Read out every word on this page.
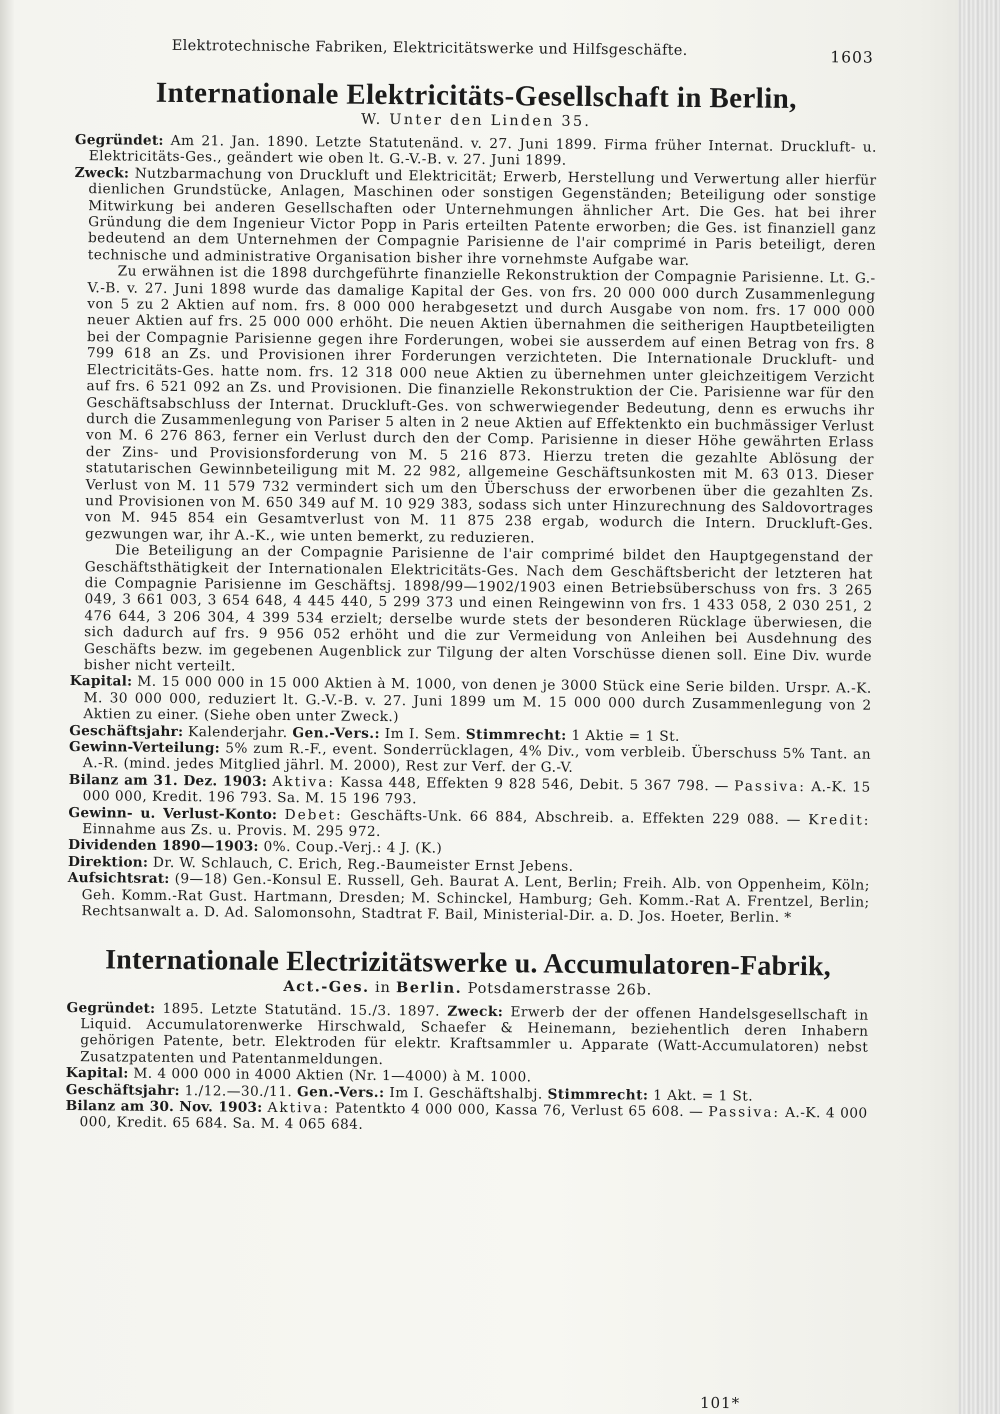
Elektrotechnische Fabriken, Elektricitätswerke und Hilfsgeschäfte.	1603
Internationale Elektricitäts-Gesellschaft in Berlin,
W. Unter den Linden 35.

Gegründet: Am 21. Jan. 1890. Letzte Statutenänd. v. 27. Juni 1899. Firma früher Internat. Druckluft- u. Elektricitäts-Ges., geändert wie oben lt. G.-V.-B. v. 27. Juni 1899.

Zweck: Nutzbarmachung von Druckluft und Elektricität; Erwerb, Herstellung und Verwertung aller hierfür dienlichen Grundstücke, Anlagen, Maschinen oder sonstigen Gegenständen; Beteiligung oder sonstige Mitwirkung bei anderen Gesellschaften oder Unternehmungen ähnlicher Art. Die Ges. hat bei ihrer Gründung die dem Ingenieur Victor Popp in Paris erteilten Patente erworben; die Ges. ist finanziell ganz bedeutend an dem Unternehmen der Compagnie Parisienne de l'air comprimé in Paris beteiligt, deren technische und administrative Organisation bisher ihre vornehmste Aufgabe war.

Zu erwähnen ist die 1898 durchgeführte finanzielle Rekonstruktion der Compagnie Parisienne. Lt. G.-V.-B. v. 27. Juni 1898 wurde das damalige Kapital der Ges. von frs. 20 000 000 durch Zusammenlegung von 5 zu 2 Aktien auf nom. frs. 8 000 000 herabgesetzt und durch Ausgabe von nom. frs. 17 000 000 neuer Aktien auf frs. 25 000 000 erhöht. Die neuen Aktien übernahmen die seitherigen Hauptbeteiligten bei der Compagnie Parisienne gegen ihre Forderungen, wobei sie ausserdem auf einen Betrag von frs. 8 799 618 an Zs. und Provisionen ihrer Forderungen verzichteten. Die Internationale Druckluft- und Electricitäts-Ges. hatte nom. frs. 12 318 000 neue Aktien zu übernehmen unter gleichzeitigem Verzicht auf frs. 6 521 092 an Zs. und Provisionen. Die finanzielle Rekonstruktion der Cie. Parisienne war für den Geschäftsabschluss der Internat. Druckluft-Ges. von schwerwiegender Bedeutung, denn es erwuchs ihr durch die Zusammenlegung von Pariser 5 alten in 2 neue Aktien auf Effektenkto ein buchmässiger Verlust von M. 6 276 863, ferner ein Verlust durch den der Comp. Parisienne in dieser Höhe gewährten Erlass der Zins- und Provisionsforderung von M. 5 216 873. Hierzu treten die gezahlte Ablösung der statutarischen Gewinnbeteiligung mit M. 22 982, allgemeine Geschäftsunkosten mit M. 63 013. Dieser Verlust von M. 11 579 732 vermindert sich um den Überschuss der erworbenen über die gezahlten Zs. und Provisionen von M. 650 349 auf M. 10 929 383, sodass sich unter Hinzurechnung des Saldovortrages von M. 945 854 ein Gesamtverlust von M. 11 875 238 ergab, wodurch die Intern. Druckluft-Ges. gezwungen war, ihr A.-K., wie unten bemerkt, zu reduzieren.

Die Beteiligung an der Compagnie Parisienne de l'air comprimé bildet den Hauptgegenstand der Geschäftsthätigkeit der Internationalen Elektricitäts-Ges. Nach dem Geschäftsbericht der letzteren hat die Compagnie Parisienne im Geschäftsj. 1898/99—1902/1903 einen Betriebsüberschuss von frs. 3 265 049, 3 661 003, 3 654 648, 4 445 440, 5 299 373 und einen Reingewinn von frs. 1 433 058, 2 030 251, 2 476 644, 3 206 304, 4 399 534 erzielt; derselbe wurde stets der besonderen Rücklage überwiesen, die sich dadurch auf frs. 9 956 052 erhöht und die zur Vermeidung von Anleihen bei Ausdehnung des Geschäfts bezw. im gegebenen Augenblick zur Tilgung der alten Vorschüsse dienen soll. Eine Div. wurde bisher nicht verteilt.

Kapital: M. 15 000 000 in 15 000 Aktien à M. 1000, von denen je 3000 Stück eine Serie bilden. Urspr. A.-K. M. 30 000 000, reduziert lt. G.-V.-B. v. 27. Juni 1899 um M. 15 000 000 durch Zusammenlegung von 2 Aktien zu einer. (Siehe oben unter Zweck.)

Geschäftsjahr: Kalenderjahr. Gen.-Vers.: Im I. Sem. Stimmrecht: 1 Aktie = 1 St.

Gewinn-Verteilung: 5% zum R.-F., event. Sonderrücklagen, 4% Div., vom verbleib. Überschuss 5% Tant. an A.-R. (mind. jedes Mitglied jährl. M. 2000), Rest zur Verf. der G.-V.

Bilanz am 31. Dez. 1903: Aktiva: Kassa 448, Effekten 9 828 546, Debit. 5 367 798. — Passiva: A.-K. 15 000 000, Kredit. 196 793. Sa. M. 15 196 793.

Gewinn- u. Verlust-Konto: Debet: Geschäfts-Unk. 66 884, Abschreib. a. Effekten 229 088. — Kredit: Einnahme aus Zs. u. Provis. M. 295 972.

Dividenden 1890—1903: 0%. Coup.-Verj.: 4 J. (K.)

Direktion: Dr. W. Schlauch, C. Erich, Reg.-Baumeister Ernst Jebens.

Aufsichtsrat: (9—18) Gen.-Konsul E. Russell, Geh. Baurat A. Lent, Berlin; Freih. Alb. von Oppenheim, Köln; Geh. Komm.-Rat Gust. Hartmann, Dresden; M. Schinckel, Hamburg; Geh. Komm.-Rat A. Frentzel, Berlin; Rechtsanwalt a. D. Ad. Salomonsohn, Stadtrat F. Bail, Ministerial-Dir. a. D. Jos. Hoeter, Berlin. *

Internationale Electrizitätswerke u. Accumulatoren-Fabrik,
Act.-Ges. in Berlin. Potsdamerstrasse 26b.

Gegründet: 1895. Letzte Statutänd. 15./3. 1897. Zweck: Erwerb der der offenen Handelsgesellschaft in Liquid. Accumulatorenwerke Hirschwald, Schaefer & Heinemann, beziehentlich deren Inhabern gehörigen Patente, betr. Elektroden für elektr. Kraftsammler u. Apparate (Watt-Accumulatoren) nebst Zusatzpatenten und Patentanmeldungen.

Kapital: M. 4 000 000 in 4000 Aktien (Nr. 1—4000) à M. 1000.

Geschäftsjahr: 1./12.—30./11. Gen.-Vers.: Im I. Geschäftshalbj. Stimmrecht: 1 Akt. = 1 St.

Bilanz am 30. Nov. 1903: Aktiva: Patentkto 4 000 000, Kassa 76, Verlust 65 608. — Passiva: A.-K. 4 000 000, Kredit. 65 684. Sa. M. 4 065 684.

101*
